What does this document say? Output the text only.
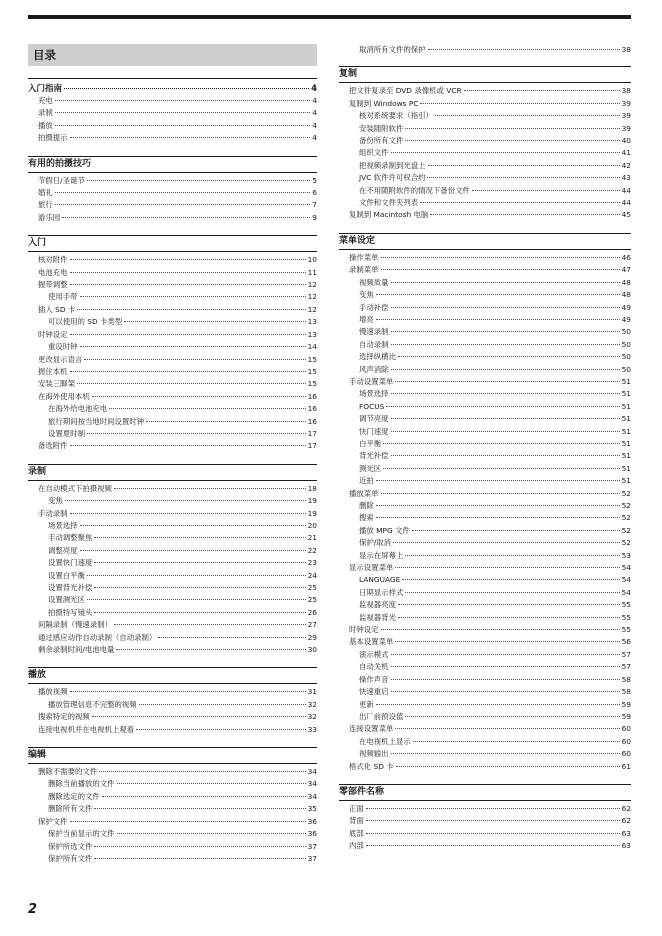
目录
入门指南	4
充电	4
录制	4
播放	4
拍摄提示	4
有用的拍摄技巧
节假日/圣诞节	5
婚礼	6
旅行	7
游乐园	9
入门
核对附件	10
电池充电	11
握带调整	12
使用手带	12
插入 SD 卡	12
可以使用的 SD 卡类型	13
时钟设定	13
重设时钟	14
更改显示语言	15
握住本机	15
安装三脚架	15
在海外使用本机	16
在海外给电池充电	16
旅行期间按当地时间设置时钟	16
设置夏时制	17
备选附件	17
录制
在自动模式下拍摄视频	18
变焦	19
手动录制	19
场景选择	20
手动调整聚焦	21
调整亮度	22
设置快门速度	23
设置白平衡	24
设置背光补偿	25
设置测光区	25
拍摄特写镜头	26
间隔录制（慢速录制）	27
通过感应动作自动录制（自动录制）	29
剩余录制时间/电池电量	30
播放
播放视频	31
播放管理信息不完整的视频	32
搜索特定的视频	32
连接电视机并在电视机上观看	33
编辑
删除不需要的文件	34
删除当前播放的文件	34
删除选定的文件	34
删除所有文件	35
保护文件	36
保护当前显示的文件	36
保护所选文件	37
保护所有文件	37
取消所有文件的保护	38
复制
把文件复录至 DVD 录像机或 VCR	38
复制到 Windows PC	39
核对系统要求（指引）	39
安装随附软件	39
备份所有文件	40
组织文件	41
把视频录制到光盘上	42
JVC 软件许可权合约	43
在不用随附软件的情况下备份文件	44
文件和文件夹列表	44
复制到 Macintosh 电脑	45
菜单设定
操作菜单	46
录制菜单	47
视频质量	48
变焦	48
手动补偿	49
增亮	49
慢速录制	50
自动录制	50
选择纵横比	50
风声消除	50
手动设置菜单	51
场景选择	51
FOCUS	51
调节亮度	51
快门速度	51
白平衡	51
背光补偿	51
测光区	51
近拍	51
播放菜单	52
删除	52
搜索	52
播放 MPG 文件	52
保护/取消	52
显示在屏幕上	53
显示设置菜单	54
LANGUAGE	54
日期显示样式	54
监视器亮度	55
监视器背光	55
时钟设定	55
基本设置菜单	56
演示模式	57
自动关机	57
操作声音	58
快速重启	58
更新	59
出厂前预设值	59
连接设置菜单	60
在电视机上显示	60
视频输出	60
格式化 SD 卡	61
零部件名称
正面	62
背面	62
底部	63
内部	63
2
